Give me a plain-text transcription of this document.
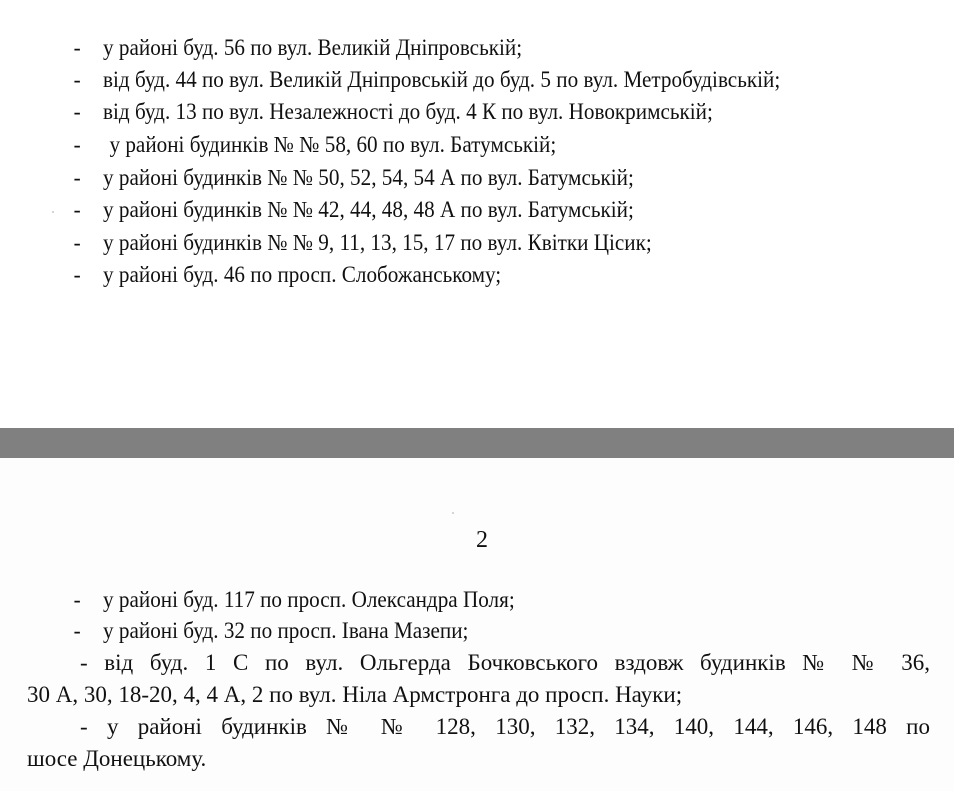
- у районі буд. 56 по вул. Великій Дніпровській;
- від буд. 44 по вул. Великій Дніпровській до буд. 5 по вул. Метробудівській;
- від буд. 13 по вул. Незалежності до буд. 4 К по вул. Новокримській;
- у районі будинків № № 58, 60 по вул. Батумській;
- у районі будинків № № 50, 52, 54, 54 А по вул. Батумській;
- у районі будинків № № 42, 44, 48, 48 А по вул. Батумській;
- у районі будинків № № 9, 11, 13, 15, 17 по вул. Квітки Цісик;
- у районі буд. 46 по просп. Слобожанському;
2
- у районі буд. 117 по просп. Олександра Поля;
- у районі буд. 32 по просп. Івана Мазепи;
- від буд. 1 С по вул. Ольгерда Бочковського вздовж будинків № № 36,
30 А, 30, 18-20, 4, 4 А, 2 по вул. Ніла Армстронга до просп. Науки;
- у районі будинків № № 128, 130, 132, 134, 140, 144, 146, 148 по
шосе Донецькому.
